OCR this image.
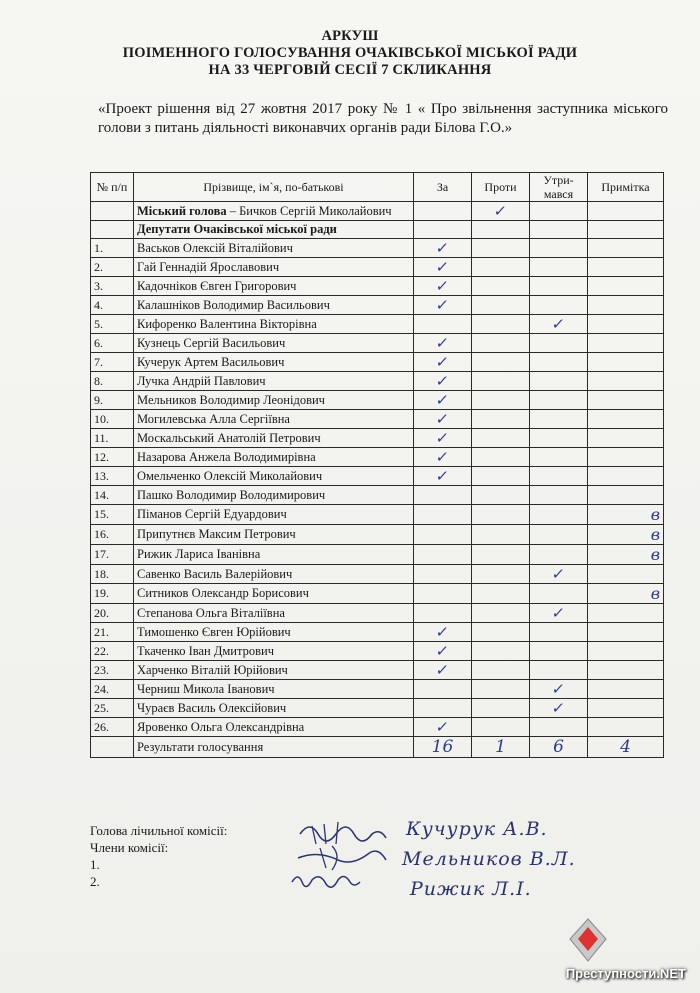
АРКУШ
ПОІМЕННОГО ГОЛОСУВАННЯ ОЧАКІВСЬКОЇ МІСЬКОЇ РАДИ
НА 33 ЧЕРГОВІЙ СЕСІЇ 7 СКЛИКАННЯ
«Проект рішення від 27 жовтня 2017 року № 1 « Про звільнення заступника міського голови з питань діяльності виконавчих органів ради Білова Г.О.»
№ п/п	Прізвище, ім`я, по-батькові	За	Проти	Утри-мався	Примітка
	Міський голова – Бичков Сергій Миколайович		✓		
	Депутати Очаківської міської ради				
1.	Васьков Олексій Віталійович	✓			
2.	Гай Геннадій Ярославович	✓			
3.	Кадочніков Євген Григорович	✓			
4.	Калашніков Володимир Васильович	✓			
5.	Кифоренко Валентина Вікторівна			✓	
6.	Кузнець Сергій Васильович	✓			
7.	Кучерук Артем Васильович	✓			
8.	Лучка Андрій Павлович	✓			
9.	Мельников Володимир Леонідович	✓			
10.	Могилевська Алла Сергіївна	✓			
11.	Москальський Анатолій Петрович	✓			
12.	Назарова Анжела Володимирівна	✓			
13.	Омельченко Олексій Миколайович	✓			
14.	Пашко Володимир Володимирович				
15.	Піманов Сергій Едуардович				в
16.	Припутнєв Максим Петрович				в
17.	Рижик Лариса Іванівна				в
18.	Савенко Василь Валерійович			✓	
19.	Ситников Олександр Борисович				в
20.	Степанова Ольга Віталіївна			✓	
21.	Тимошенко Євген Юрійович	✓			
22.	Ткаченко Іван Дмитрович	✓			
23.	Харченко Віталій Юрійович	✓			
24.	Черниш Микола Іванович			✓	
25.	Чураєв Василь Олексійович			✓	
26.	Яровенко Ольга Олександрівна	✓			
	Результати голосування	16	1	6	4
Голова лічильної комісії:
Члени комісії:
1.
2.
Кучурук А.В.
Мельников В.Л.
Рижик Л.І.
Преступности.NET
